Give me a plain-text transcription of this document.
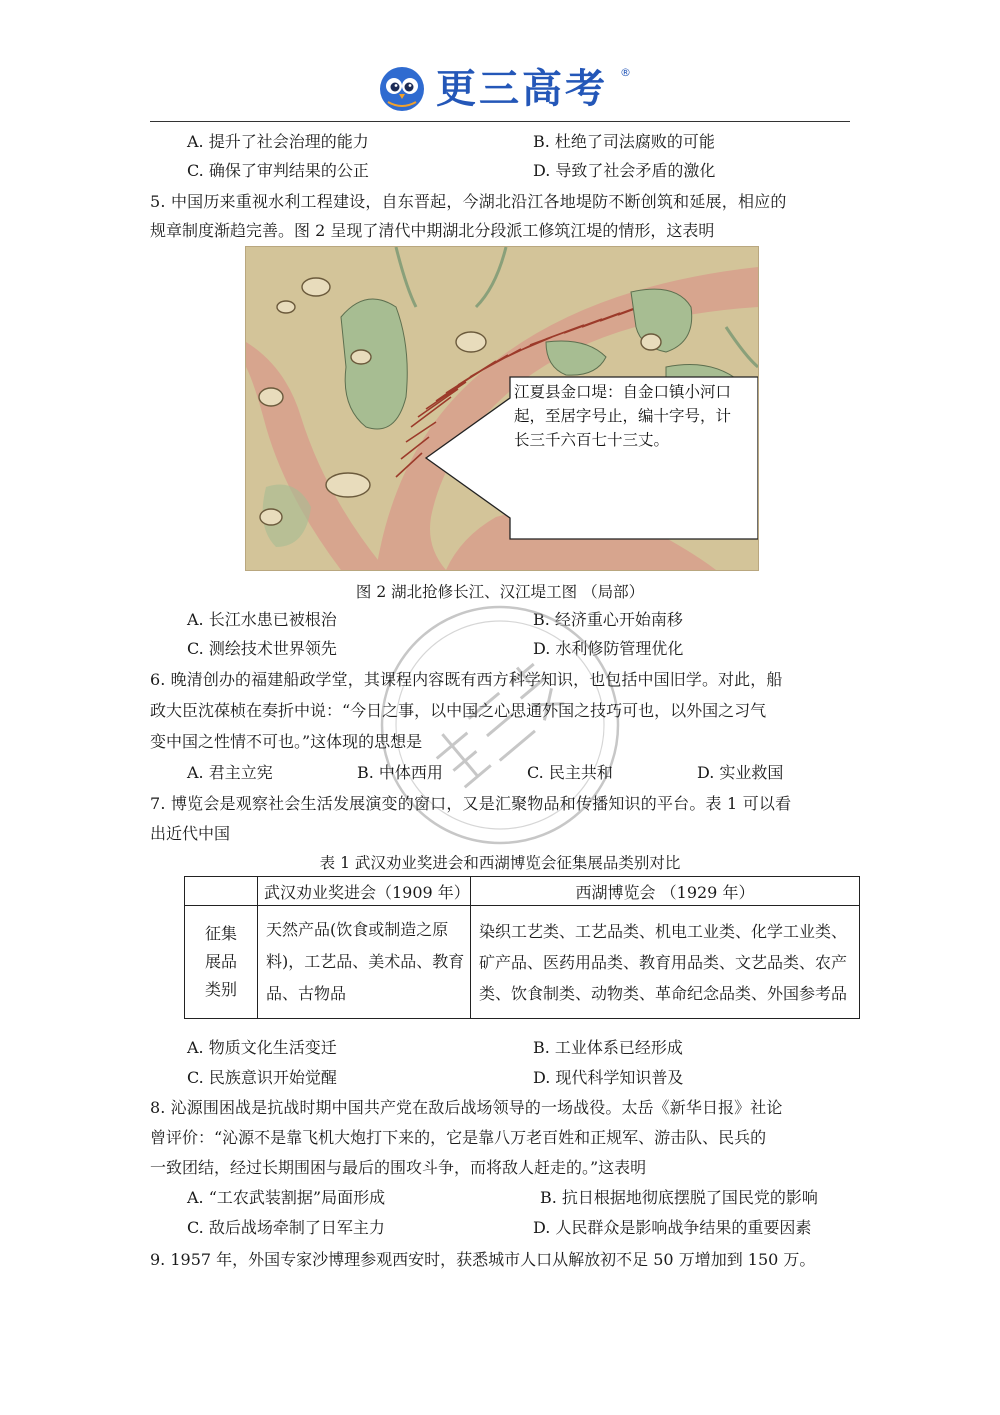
更三高考 ®
A. 提升了社会治理的能力	B. 杜绝了司法腐败的可能
C. 确保了审判结果的公正	D. 导致了社会矛盾的激化
5. 中国历来重视水利工程建设，自东晋起，今湖北沿江各地堤防不断创筑和延展，相应的
规章制度渐趋完善。图 2 呈现了清代中期湖北分段派工修筑江堤的情形，这表明
江夏县金口堤：自金口镇小河口起，至居字号止，编十字号，计长三千六百七十三丈。
图 2 湖北抢修长江、汉江堤工图 （局部）
A. 长江水患已被根治	B. 经济重心开始南移
C. 测绘技术世界领先	D. 水利修防管理优化
6. 晚清创办的福建船政学堂，其课程内容既有西方科学知识，也包括中国旧学。对此，船
政大臣沈葆桢在奏折中说：“今日之事，以中国之心思通外国之技巧可也，以外国之习气
变中国之性情不可也。”这体现的思想是
A. 君主立宪	B. 中体西用	C. 民主共和	D. 实业救国
7. 博览会是观察社会生活发展演变的窗口，又是汇聚物品和传播知识的平台。表 1 可以看
出近代中国
表 1 武汉劝业奖进会和西湖博览会征集展品类别对比
	武汉劝业奖进会（1909 年）	西湖博览会 （1929 年）

征集
展品
类别	天然产品(饮食或制造之原料)，工艺品、美术品、教育品、古物品	染织工艺类、工艺品类、机电工业类、化学工业类、矿产品、医药用品类、教育用品类、文艺品类、农产类、饮食制类、动物类、革命纪念品类、外国参考品
A. 物质文化生活变迁	B. 工业体系已经形成
C. 民族意识开始觉醒	D. 现代科学知识普及
8. 沁源围困战是抗战时期中国共产党在敌后战场领导的一场战役。太岳《新华日报》社论
曾评价：“沁源不是靠飞机大炮打下来的，它是靠八万老百姓和正规军、游击队、民兵的
一致团结，经过长期围困与最后的围攻斗争，而将敌人赶走的。”这表明
A. “工农武装割据”局面形成	B. 抗日根据地彻底摆脱了国民党的影响
C. 敌后战场牵制了日军主力	D. 人民群众是影响战争结果的重要因素
9. 1957 年，外国专家沙博理参观西安时，获悉城市人口从解放初不足 50 万增加到 150 万。
